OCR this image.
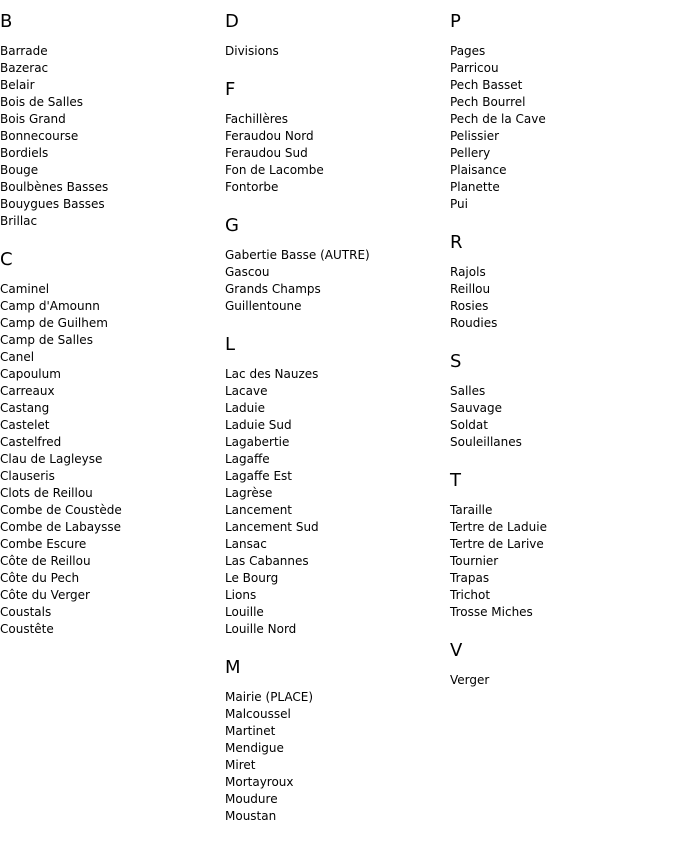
B
Barrade
Bazerac
Belair
Bois de Salles
Bois Grand
Bonnecourse
Bordiels
Bouge
Boulbènes Basses
Bouygues Basses
Brillac
C
Caminel
Camp d'Amounn
Camp de Guilhem
Camp de Salles
Canel
Capoulum
Carreaux
Castang
Castelet
Castelfred
Clau de Lagleyse
Clauseris
Clots de Reillou
Combe de Coustède
Combe de Labaysse
Combe Escure
Côte de Reillou
Côte du Pech
Côte du Verger
Coustals
Coustête
D
Divisions
F
Fachillères
Feraudou Nord
Feraudou Sud
Fon de Lacombe
Fontorbe
G
Gabertie Basse (AUTRE)
Gascou
Grands Champs
Guillentoune
L
Lac des Nauzes
Lacave
Laduie
Laduie Sud
Lagabertie
Lagaffe
Lagaffe Est
Lagrèse
Lancement
Lancement Sud
Lansac
Las Cabannes
Le Bourg
Lions
Louille
Louille Nord
M
Mairie (PLACE)
Malcoussel
Martinet
Mendigue
Miret
Mortayroux
Moudure
Moustan
P
Pages
Parricou
Pech Basset
Pech Bourrel
Pech de la Cave
Pelissier
Pellery
Plaisance
Planette
Pui
R
Rajols
Reillou
Rosies
Roudies
S
Salles
Sauvage
Soldat
Souleillanes
T
Taraille
Tertre de Laduie
Tertre de Larive
Tournier
Trapas
Trichot
Trosse Miches
V
Verger
